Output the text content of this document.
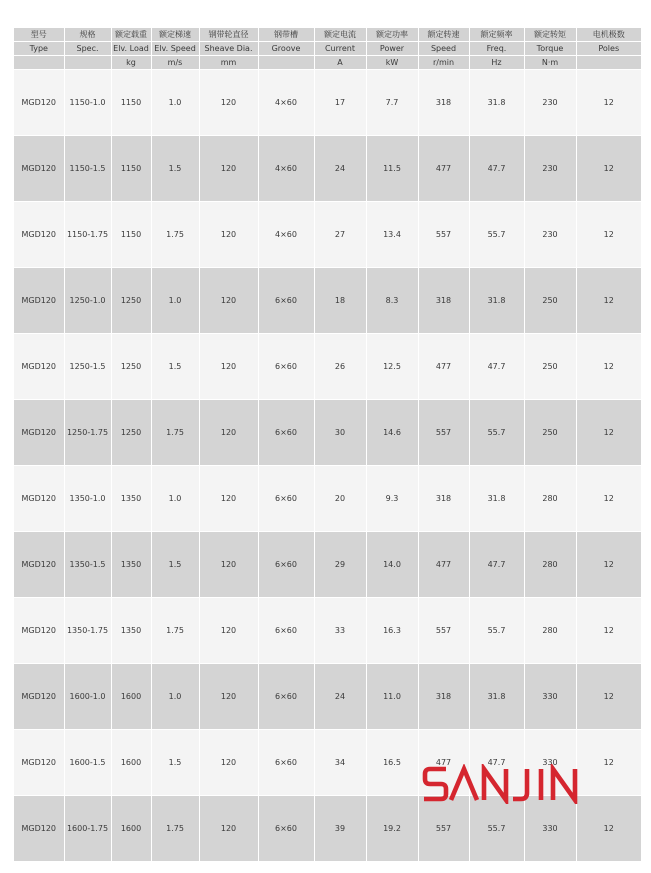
型号	规格	额定载重	额定梯速	钢带轮直径	钢带槽	额定电流	额定功率	额定转速	额定频率	额定转矩	电机极数
Type	Spec.	Elv. Load	Elv. Speed	Sheave Dia.	Groove	Current	Power	Speed	Freq.	Torque	Poles
		kg	m/s	mm		A	kW	r/min	Hz	N·m	
MGD120	1150-1.0	1150	1.0	120	4×60	17	7.7	318	31.8	230	12
MGD120	1150-1.5	1150	1.5	120	4×60	24	11.5	477	47.7	230	12
MGD120	1150-1.75	1150	1.75	120	4×60	27	13.4	557	55.7	230	12
MGD120	1250-1.0	1250	1.0	120	6×60	18	8.3	318	31.8	250	12
MGD120	1250-1.5	1250	1.5	120	6×60	26	12.5	477	47.7	250	12
MGD120	1250-1.75	1250	1.75	120	6×60	30	14.6	557	55.7	250	12
MGD120	1350-1.0	1350	1.0	120	6×60	20	9.3	318	31.8	280	12
MGD120	1350-1.5	1350	1.5	120	6×60	29	14.0	477	47.7	280	12
MGD120	1350-1.75	1350	1.75	120	6×60	33	16.3	557	55.7	280	12
MGD120	1600-1.0	1600	1.0	120	6×60	24	11.0	318	31.8	330	12
MGD120	1600-1.5	1600	1.5	120	6×60	34	16.5	477	47.7	330	12
MGD120	1600-1.75	1600	1.75	120	6×60	39	19.2	557	55.7	330	12
